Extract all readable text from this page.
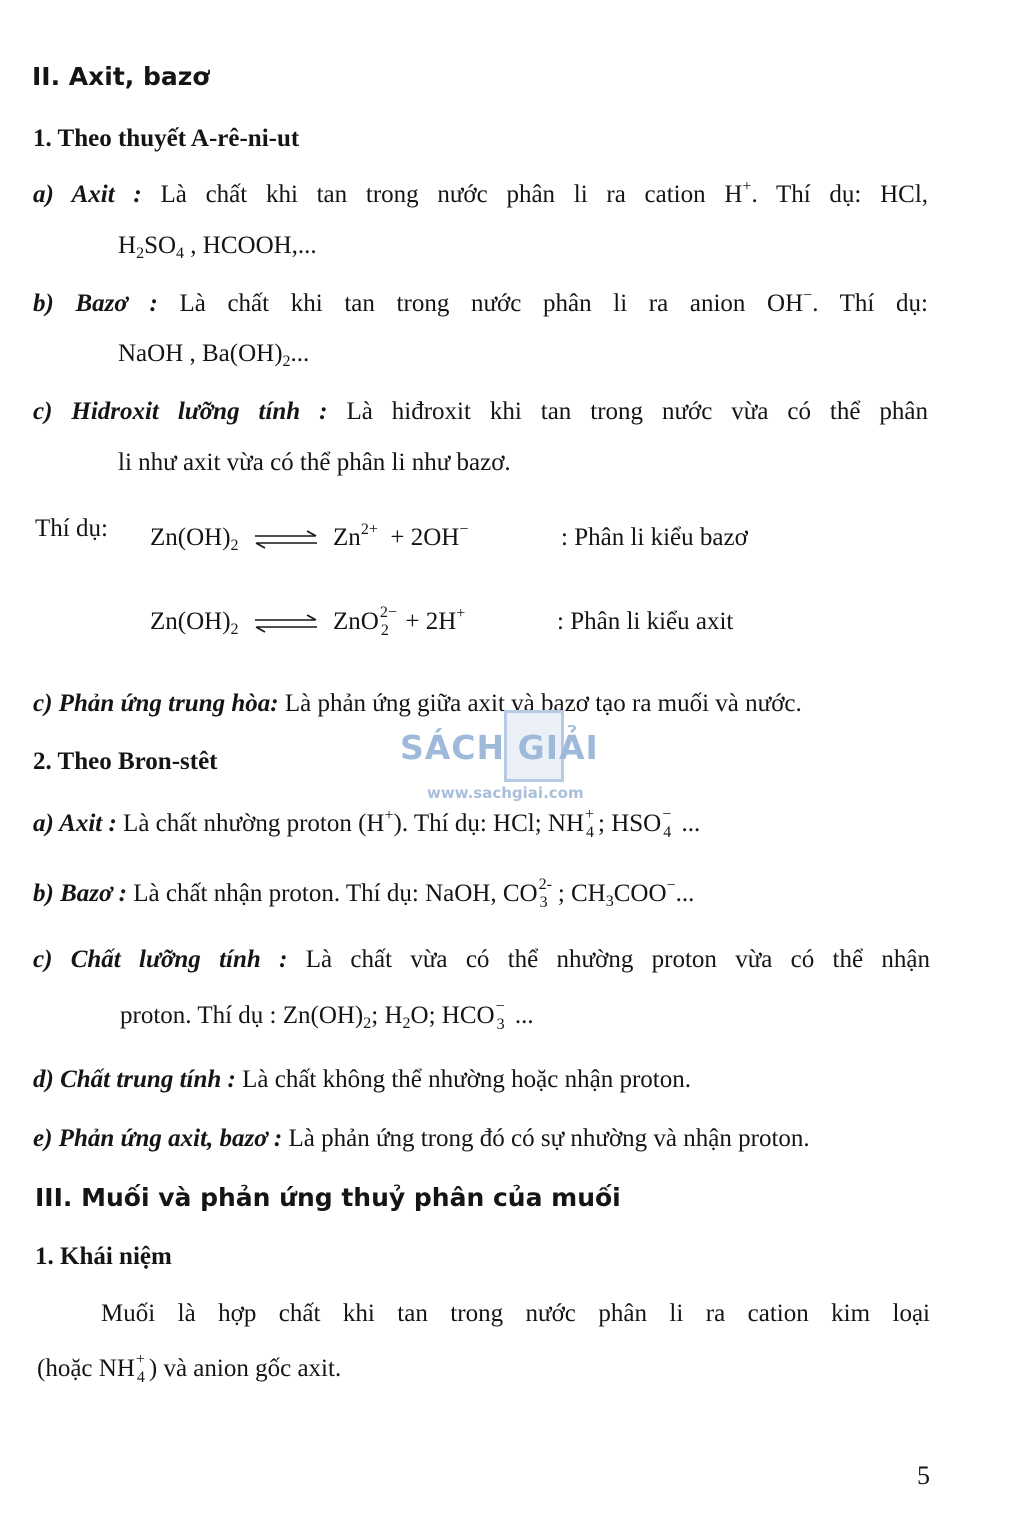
II. Axit, bazơ
1. Theo thuyết A-rê-ni-ut
a) Axit : Là chất khi tan trong nước phân li ra cation H+. Thí dụ: HCl,
$H_2SO_4$ , HCOOH,...
b) Bazơ : Là chất khi tan trong nước phân li ra anion OH−. Thí dụ:
NaOH , $Ba(OH)_2$...
c) Hidroxit lưỡng tính : Là hiđroxit khi tan trong nước vừa có thể phân
li như axit vừa có thể phân li như bazơ.
Thí dụ: $Zn(OH)_2$ ⇌ $Zn^{2+} + 2OH^-$	: Phân li kiểu bazơ
$Zn(OH)_2$ ⇌ ZnO 2−
2 + 2H+	: Phân li kiểu axit
c) Phản ứng trung hòa: Là phản ứng giữa axit và bazơ tạo ra muối và nước.
2. Theo Bron-stêt
a) Axit : Là chất nhường proton (H+). Thí dụ: HCl; NH +
4 ; HSO −
4 ...
b) Bazơ : Là chất nhận proton. Thí dụ: NaOH, CO 2-
3 ; $CH_3COO^-$...
c) Chất lưỡng tính : Là chất vừa có thể nhường proton vừa có thể nhận
proton. Thí dụ : $Zn(OH)_2$; $H_2O$; HCO −
3 ...
d) Chất trung tính : Là chất không thể nhường hoặc nhận proton.
e) Phản ứng axit, bazơ : Là phản ứng trong đó có sự nhường và nhận proton.
III. Muối và phản ứng thuỷ phân của muối
1. Khái niệm
Muối là hợp chất khi tan trong nước phân li ra cation kim loại
(hoặc NH +
4 ) và anion gốc axit.
SÁCH GIẢI
www.sachgiai.com
5
